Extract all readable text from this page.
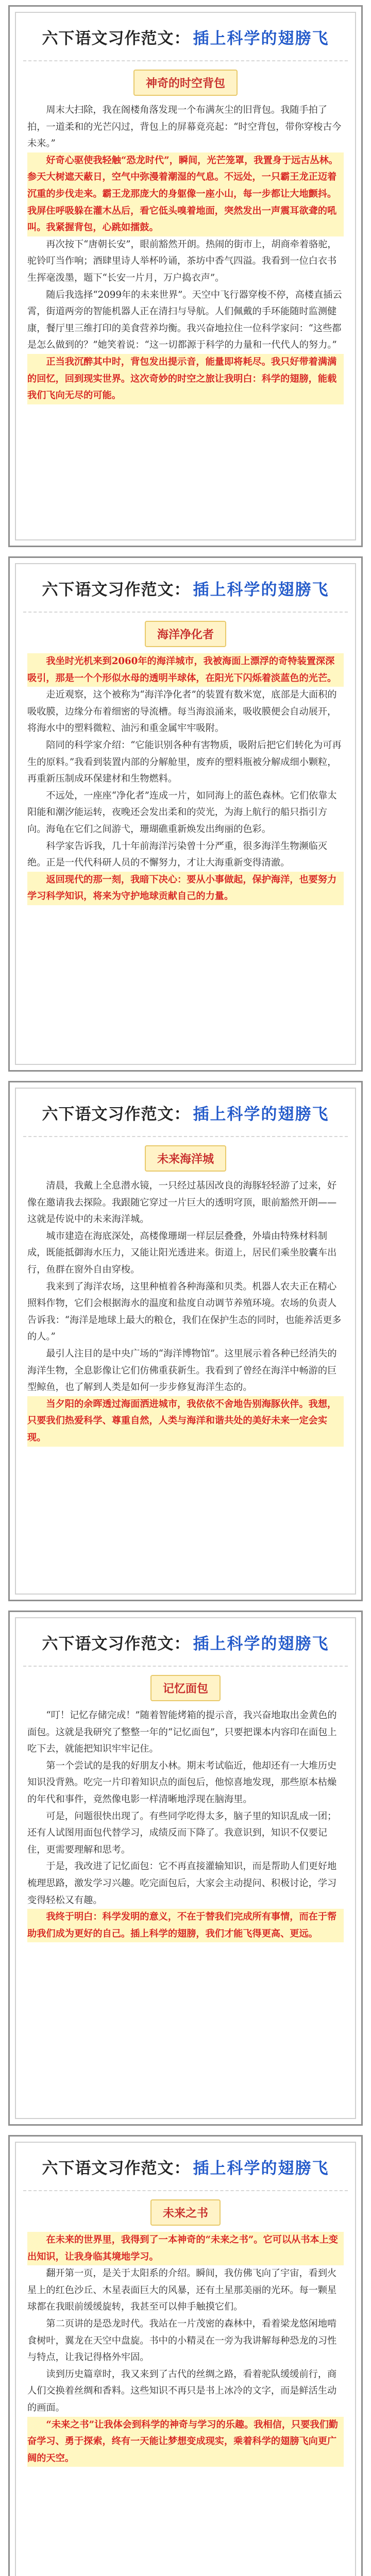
六下语文习作范文 ： 插上科学的翅膀飞
神奇的时空背包

周末大扫除，我在阁楼角落发现一个布满灰尘的旧背包。我随手拍了拍，一道柔和的光芒闪过，背包上的屏幕竟亮起：“时空背包，带你穿梭古今未来。”

好奇心驱使我轻触“恐龙时代”，瞬间，光芒笼罩，我置身于远古丛林。参天大树遮天蔽日，空气中弥漫着潮湿的气息。不远处，一只霸王龙正迈着沉重的步伐走来。霸王龙那庞大的身躯像一座小山，每一步都让大地颤抖。我屏住呼吸躲在灌木丛后，看它低头嗅着地面，突然发出一声震耳欲聋的吼叫。我紧握背包，心跳如擂鼓。

再次按下“唐朝长安”，眼前豁然开朗。热闹的街市上，胡商牵着骆驼，驼铃叮当作响；酒肆里诗人举杯吟诵，茶坊中香气四溢。我看到一位白衣书生挥毫泼墨，题下“长安一片月，万户捣衣声”。

随后我选择“2099年的未来世界”。天空中飞行器穿梭不停，高楼直插云霄，街道两旁的智能机器人正在清扫与导航。人们佩戴的手环能随时监测健康，餐厅里三维打印的美食营养均衡。我兴奋地拉住一位科学家问：“这些都是怎么做到的？”她笑着说：“这一切都源于科学的力量和一代代人的努力。”

正当我沉醉其中时，背包发出提示音，能量即将耗尽。我只好带着满满的回忆，回到现实世界。这次奇妙的时空之旅让我明白：科学的翅膀，能载我们飞向无尽的可能。

六下语文习作范文 ： 插上科学的翅膀飞
海洋净化者

我坐时光机来到2060年的海洋城市，我被海面上漂浮的奇特装置深深吸引，那是一个个形似水母的透明半球体，在阳光下闪烁着淡蓝色的光芒。

走近观察，这个被称为“海洋净化者”的装置有数米宽，底部是大面积的吸收膜，边缘分布着细密的导流槽。每当海浪涌来，吸收膜便会自动展开，将海水中的塑料微粒、油污和重金属牢牢吸附。

陪同的科学家介绍：“它能识别各种有害物质，吸附后把它们转化为可再生的原料。”我看到装置内部的分解舱里，废弃的塑料瓶被分解成细小颗粒，再重新压制成环保建材和生物燃料。

不远处，一座座“净化者”连成一片，如同海上的蓝色森林。它们依靠太阳能和潮汐能运转，夜晚还会发出柔和的荧光，为海上航行的船只指引方向。海龟在它们之间游弋，珊瑚礁重新焕发出绚丽的色彩。

科学家告诉我，几十年前海洋污染曾十分严重，很多海洋生物濒临灭绝。正是一代代科研人员的不懈努力，才让大海重新变得清澈。

返回现代的那一刻，我暗下决心：要从小事做起，保护海洋，也要努力学习科学知识，将来为守护地球贡献自己的力量。

六下语文习作范文 ： 插上科学的翅膀飞
未来海洋城

清晨，我戴上全息潜水镜，一只经过基因改良的海豚轻轻游了过来，好像在邀请我去探险。我跟随它穿过一片巨大的透明穹顶，眼前豁然开朗——这就是传说中的未来海洋城。

城市建造在海底深处，高楼像珊瑚一样层层叠叠，外墙由特殊材料制成，既能抵御海水压力，又能让阳光透进来。街道上，居民们乘坐胶囊车出行，鱼群在窗外自由穿梭。

我来到了海洋农场，这里种植着各种海藻和贝类。机器人农夫正在精心照料作物，它们会根据海水的温度和盐度自动调节养殖环境。农场的负责人告诉我：“海洋是地球上最大的粮仓，我们在保护生态的同时，也能养活更多的人。”

最引人注目的是中央广场的“海洋博物馆”。这里展示着各种已经消失的海洋生物，全息影像让它们仿佛重获新生。我看到了曾经在海洋中畅游的巨型鲸鱼，也了解到人类是如何一步步修复海洋生态的。

当夕阳的余晖透过海面洒进城市，我依依不舍地告别海豚伙伴。我想，只要我们热爱科学、尊重自然，人类与海洋和谐共处的美好未来一定会实现。

六下语文习作范文 ： 插上科学的翅膀飞
记忆面包

“叮！记忆存储完成！”随着智能烤箱的提示音，我兴奋地取出金黄色的面包。这就是我研究了整整一年的“记忆面包”，只要把课本内容印在面包上吃下去，就能把知识牢牢记住。

第一个尝试的是我的好朋友小林。期末考试临近，他却还有一大堆历史知识没背熟。吃完一片印着知识点的面包后，他惊喜地发现，那些原本枯燥的年代和事件，竟然像电影一样清晰地浮现在脑海里。

可是，问题很快出现了。有些同学吃得太多，脑子里的知识乱成一团；还有人试图用面包代替学习，成绩反而下降了。我意识到，知识不仅要记住，更需要理解和思考。

于是，我改进了记忆面包：它不再直接灌输知识，而是帮助人们更好地梳理思路，激发学习兴趣。吃完面包后，大家会主动提问、积极讨论，学习变得轻松又有趣。

我终于明白：科学发明的意义，不在于替我们完成所有事情，而在于帮助我们成为更好的自己。插上科学的翅膀，我们才能飞得更高、更远。

六下语文习作范文 ： 插上科学的翅膀飞
未来之书

在未来的世界里，我得到了一本神奇的“未来之书”。它可以从书本上变出知识，让我身临其境地学习。

翻开第一页，是关于太阳系的介绍。瞬间，我仿佛飞向了宇宙，看到火星上的红色沙丘、木星表面巨大的风暴，还有土星那美丽的光环。每一颗星球都在我眼前缓缓旋转，我甚至可以伸手触摸它们。

第二页讲的是恐龙时代。我站在一片茂密的森林中，看着梁龙悠闲地啃食树叶，翼龙在天空中盘旋。书中的小精灵在一旁为我讲解每种恐龙的习性与特点，让我记得格外牢固。

读到历史篇章时，我又来到了古代的丝绸之路，看着驼队缓缓前行，商人们交换着丝绸和香料。这些知识不再只是书上冰冷的文字，而是鲜活生动的画面。

“未来之书”让我体会到科学的神奇与学习的乐趣。我相信，只要我们勤奋学习、勇于探索，终有一天能让梦想变成现实，乘着科学的翅膀飞向更广阔的天空。
